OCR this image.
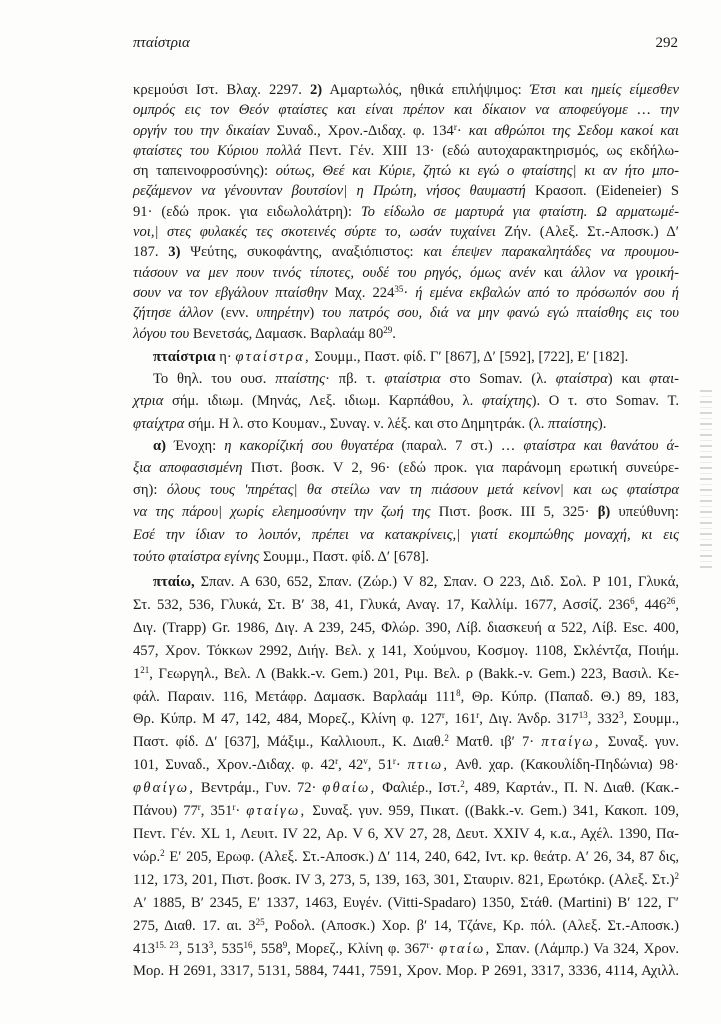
πταίστρια	292
κρεμούσι Ιστ. Βλαχ. 2297. 2) Αμαρτωλός, ηθικά επιλήψιμος: Έτσι και ημείς είμεσθεν
ομπρός εις τον Θεόν φταίστες και είναι πρέπον και δίκαιον να αποφεύγομε … την
οργήν του την δικαίαν Συναδ., Χρον.-Διδαχ. φ. $134^r\cdot \kappa\alpha\iota$ αθρώποι της Σεδομ κακοί και
φταίστες του Κύριου πολλά Πεντ. Γέν. XIII 13· (εδώ αυτοχαρακτηρισμός, ως εκδήλω-
ση ταπεινοφροσύνης): ούτως, Θεέ και Κύριε, ζητώ κι εγώ ο φταίστης| κι αν ήτο μπο-
ρεζάμενον να γένουνταν βουτσίον| η Πρώτη, νήσος θαυμαστή Κρασοπ. (Eideneier) S
91· (εδώ προκ. για ειδωλολάτρη): Το είδωλο σε μαρτυρά για φταίστη. Ω αρματωμέ-
νοι,| στες φυλακές τες σκοτεινές σύρτε το, ωσάν τυχαίνει Ζήν. (Αλεξ. Στ.-Αποσκ.) Δ′
187. 3) Ψεύτης, συκοφάντης, αναξιόπιστος: και έπεψεν παρακαλητάδες να προυμου-
τιάσουν να μεν πουν τινός τίποτες, ουδέ του ρηγός, όμως ανέν και άλλον να γροική-
σουν να τον εβγάλουν πταίσθην Μαχ. $224^{35}\cdot ή$ εμένα εκβαλών από το πρόσωπόν σου ή
ζήτησε άλλον (ενν. υπηρέτην) του πατρός σου, διά να μην φανώ εγώ πταίσθης εις του
λόγου του Βενετσάς, Δαμασκ. Βαρλαάμ $80^{29}$.
πταίστρια η· φταίστρα, Σουμμ., Παστ. φίδ. Γ′ [867], Δ′ [592], [722], Ε′ [182].
Το θηλ. του ουσ. πταίστης· πβ. τ. φταίστρια στο Somav. (λ. φταίστρα) και φται-
χτρια σήμ. ιδιωμ. (Μηνάς, Λεξ. ιδιωμ. Καρπάθου, λ. φταίχτης). Ο τ. στο Somav. Τ.
φταίχτρα σήμ. Η λ. στο Κουμαν., Συναγ. ν. λέξ. και στο Δημητράκ. (λ. πταίστης).
α) Ένοχη: η κακορίζική σου θυγατέρα (παραλ. 7 στ.) … φταίστρα και θανάτου ά-
ξια αποφασισμένη Πιστ. βοσκ. V 2, 96· (εδώ προκ. για παράνομη ερωτική συνεύρε-
ση): όλους τους 'πηρέτας| θα στείλω ναν τη πιάσουν μετά κείνον| και ως φταίστρα
να της πάρου| χωρίς ελεημοσύνην την ζωή της Πιστ. βοσκ. III 5, 325· β) υπεύθυνη:
Εσέ την ίδιαν το λοιπόν, πρέπει να κατακρίνεις,| γιατί εκομπώθης μοναχή, κι εις
τούτο φταίστρα εγίνης Σουμμ., Παστ. φίδ. Δ′ [678].
πταίω, Σπαν. Α 630, 652, Σπαν. (Ζώρ.) V 82, Σπαν. Ο 223, Διδ. Σολ. Ρ 101, Γλυκά,
Στ. 532, 536, Γλυκά, Στ. Β′ 38, 41, Γλυκά, Αναγ. 17, Καλλίμ. 1677, Ασσίζ. $236^6$, $446^{26}$,
Διγ. (Trapp) Gr. 1986, Διγ. Α 239, 245, Φλώρ. 390, Λίβ. διασκευή α 522, Λίβ. Esc. 400,
457, Χρον. Τόκκων 2992, Διήγ. Βελ. χ 141, Χούμνου, Κοσμογ. 1108, Σκλέντζα, Ποιήμ.
$1^{21}$, Γεωργηλ., Βελ. Λ (Bakk.-v. Gem.) 201, Ριμ. Βελ. ρ (Bakk.-v. Gem.) 223, Βασιλ. Κε-
φάλ. Παραιν. 116, Μετάφρ. Δαμασκ. Βαρλαάμ $111^8$, Θρ. Κύπρ. (Παπαδ. Θ.) 89, 183,
Θρ. Κύπρ. Μ 47, 142, 484, Μορεζ., Κλίνη φ. 127$^r$, 161$^r$, Διγ. Άνδρ. $317^{13}$, $332^3$, Σουμμ.,
Παστ. φίδ. Δ′ [637], Μάξιμ., Καλλιουπ., Κ. Διαθ.$^2$ Ματθ. ιβ′ 7· πταίγω, Συναξ. γυν.
101, Συναδ., Χρον.-Διδαχ. φ. 42$^r$, 42$^v$, $51^r\cdot \pi\tau\iota\omega$, Ανθ. χαρ. (Κακουλίδη-Πηδώνια) 98·
φθαίγω, Βεντράμ., Γυν. 72· φθαίω, Φαλιέρ., Ιστ.$^2$, 489, Καρτάν., Π. Ν. Διαθ. (Κακ.-
Πάνου) 77$^r$, $351^r\cdot \varphi\tau\alpha ί\gamma\omega$, Συναξ. γυν. 959, Πικατ. ((Bakk.-v. Gem.) 341, Κακοπ. 109,
Πεντ. Γέν. XL 1, Λευιτ. IV 22, Αρ. V 6, XV 27, 28, Δευτ. XXIV 4, κ.α., Αχέλ. 1390, Πα-
νώρ.$^2$ Ε′ 205, Ερωφ. (Αλεξ. Στ.-Αποσκ.) Δ′ 114, 240, 642, Ιντ. κρ. θεάτρ. Α′ 26, 34, 87 δις,
112, 173, 201, Πιστ. βοσκ. IV 3, 273, 5, 139, 163, 301, Σταυριν. 821, Ερωτόκρ. (Αλεξ. Στ.)$^2$
Α′ 1885, Β′ 2345, Ε′ 1337, 1463, Ευγέν. (Vitti-Spadaro) 1350, Στάθ. (Martini) Β′ 122, Γ′
275, Διαθ. 17. αι. $3^{25}$, Ροδολ. (Αποσκ.) Χορ. β′ 14, Τζάνε, Κρ. πόλ. (Αλεξ. Στ.-Αποσκ.)
$413^{15. 23}$, $513^3$, $535^{16}$, $558^9$, Μορεζ., Κλίνη φ. $367^r\cdot \varphi\tau\alpha ί\omega$, Σπαν. (Λάμπρ.) Va 324, Χρον.
Μορ. Η 2691, 3317, 5131, 5884, 7441, 7591, Χρον. Μορ. Ρ 2691, 3317, 3336, 4114, Αχιλλ.
